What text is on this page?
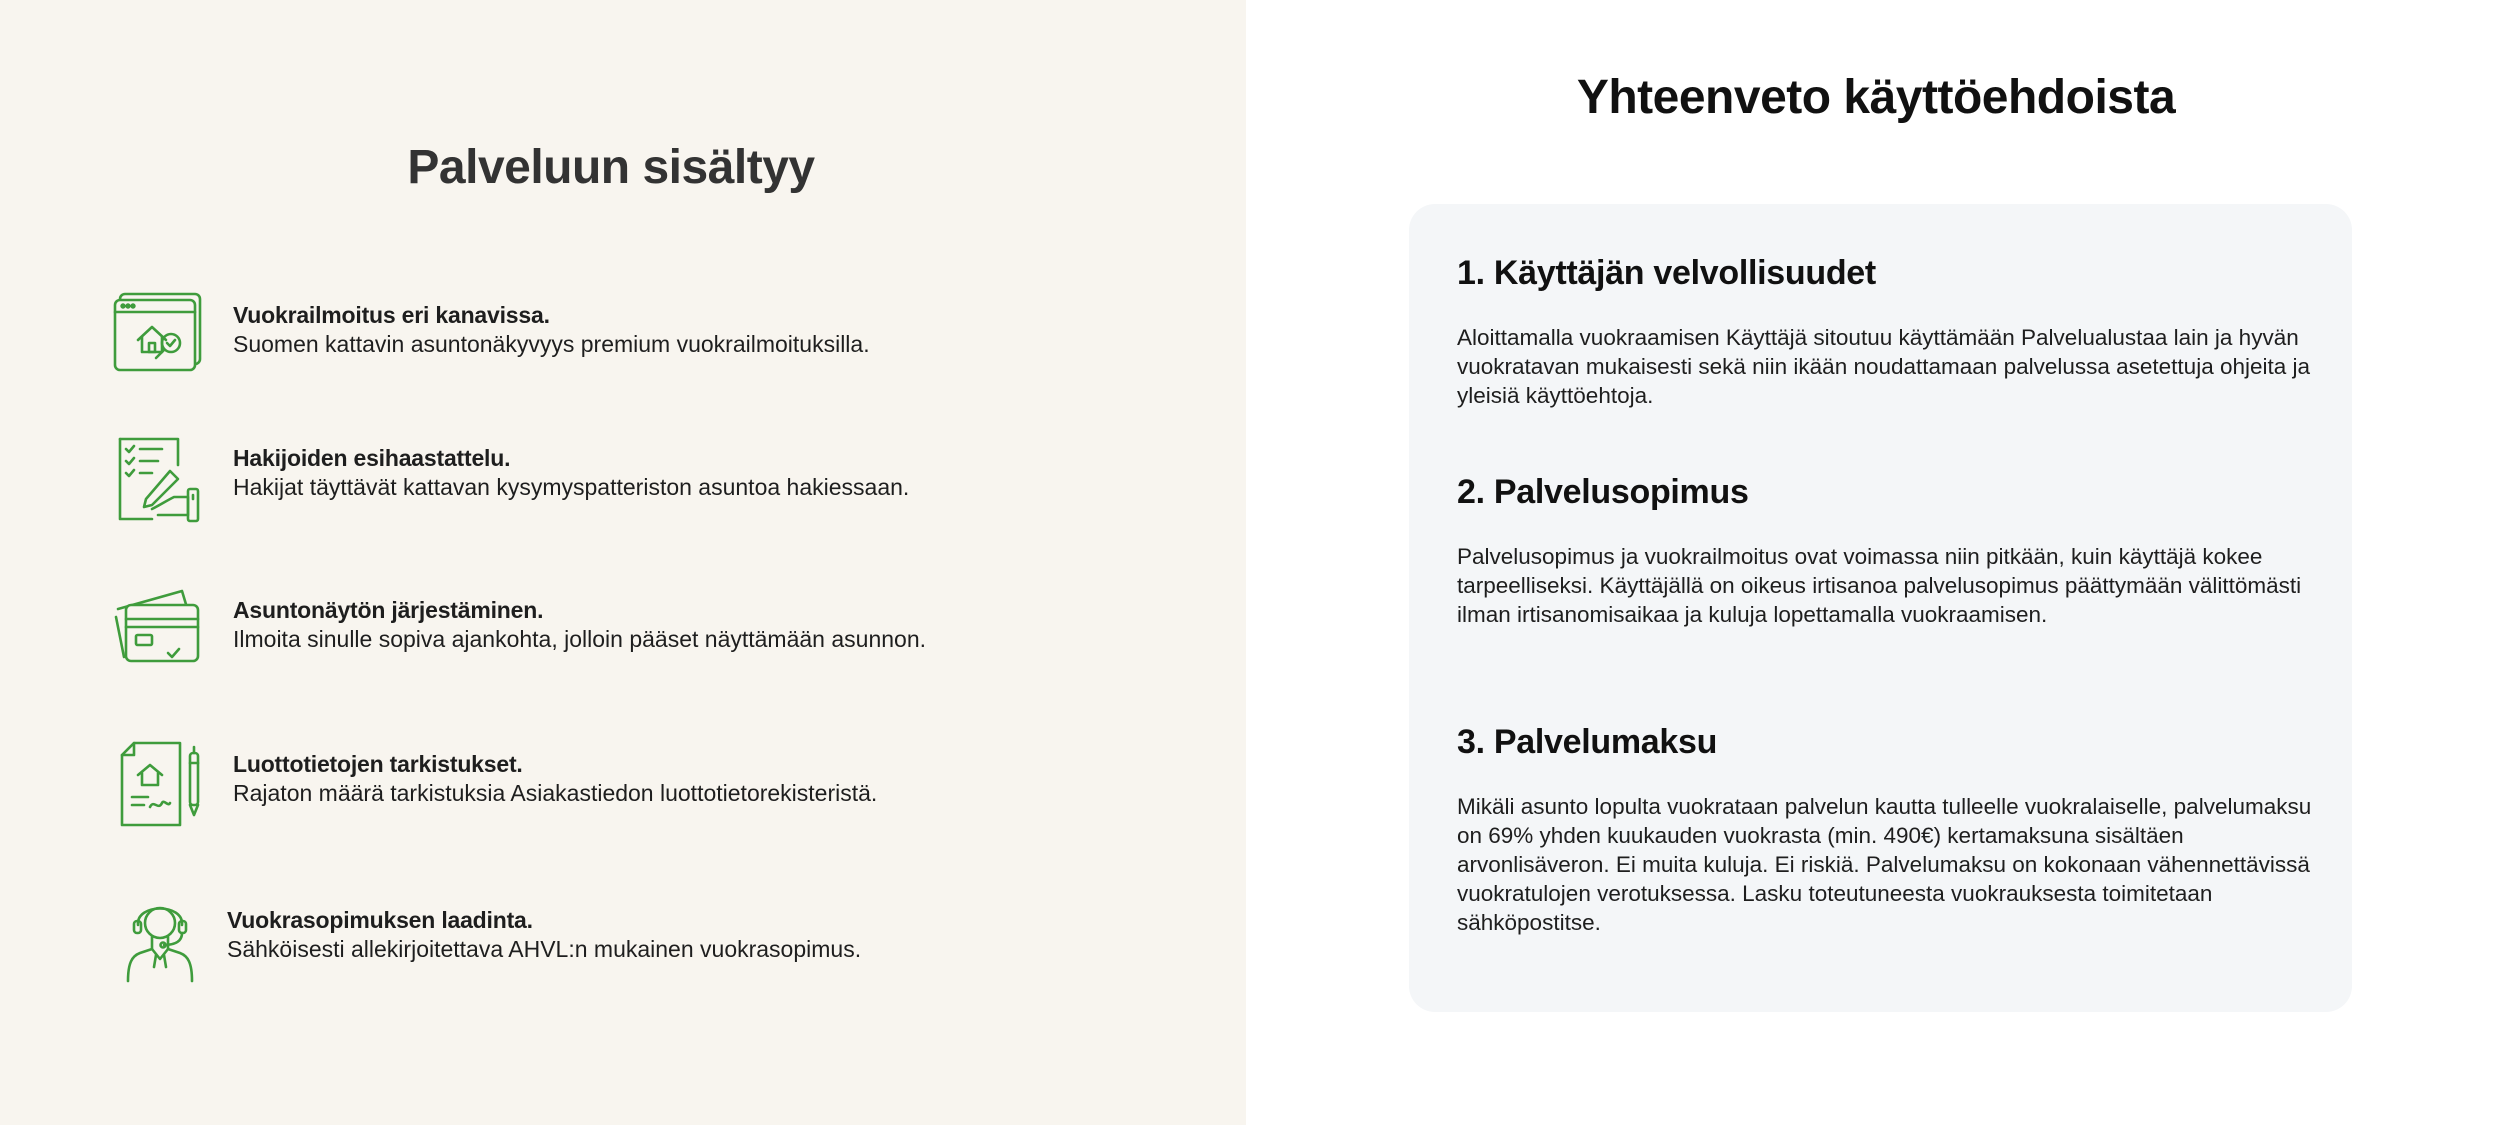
Palveluun sisältyy
Vuokrailmoitus eri kanavissa.
Suomen kattavin asuntonäkyvyys premium vuokrailmoituksilla.
Hakijoiden esihaastattelu.
Hakijat täyttävät kattavan kysymyspatteriston asuntoa hakiessaan.
Asuntonäytön järjestäminen.
Ilmoita sinulle sopiva ajankohta, jolloin pääset näyttämään asunnon.
Luottotietojen tarkistukset.
Rajaton määrä tarkistuksia Asiakastiedon luottotietorekisteristä.
Vuokrasopimuksen laadinta.
Sähköisesti allekirjoitettava AHVL:n mukainen vuokrasopimus.
Yhteenveto käyttöehdoista
1. Käyttäjän velvollisuudet

Aloittamalla vuokraamisen Käyttäjä sitoutuu käyttämään Palvelualustaa lain ja hyvän vuokratavan mukaisesti sekä niin ikään noudattamaan palvelussa asetettuja ohjeita ja yleisiä käyttöehtoja.

2. Palvelusopimus

Palvelusopimus ja vuokrailmoitus ovat voimassa niin pitkään, kuin käyttäjä kokee tarpeelliseksi. Käyttäjällä on oikeus irtisanoa palvelusopimus päättymään välittömästi ilman irtisanomisaikaa ja kuluja lopettamalla vuokraamisen.

3. Palvelumaksu

Mikäli asunto lopulta vuokrataan palvelun kautta tulleelle vuokralaiselle, palvelumaksu on 69% yhden kuukauden vuokrasta (min. 490€) kertamaksuna sisältäen arvonlisäveron. Ei muita kuluja. Ei riskiä. Palvelumaksu on kokonaan vähennettävissä vuokratulojen verotuksessa. Lasku toteutuneesta vuokrauksesta toimitetaan sähköpostitse.
